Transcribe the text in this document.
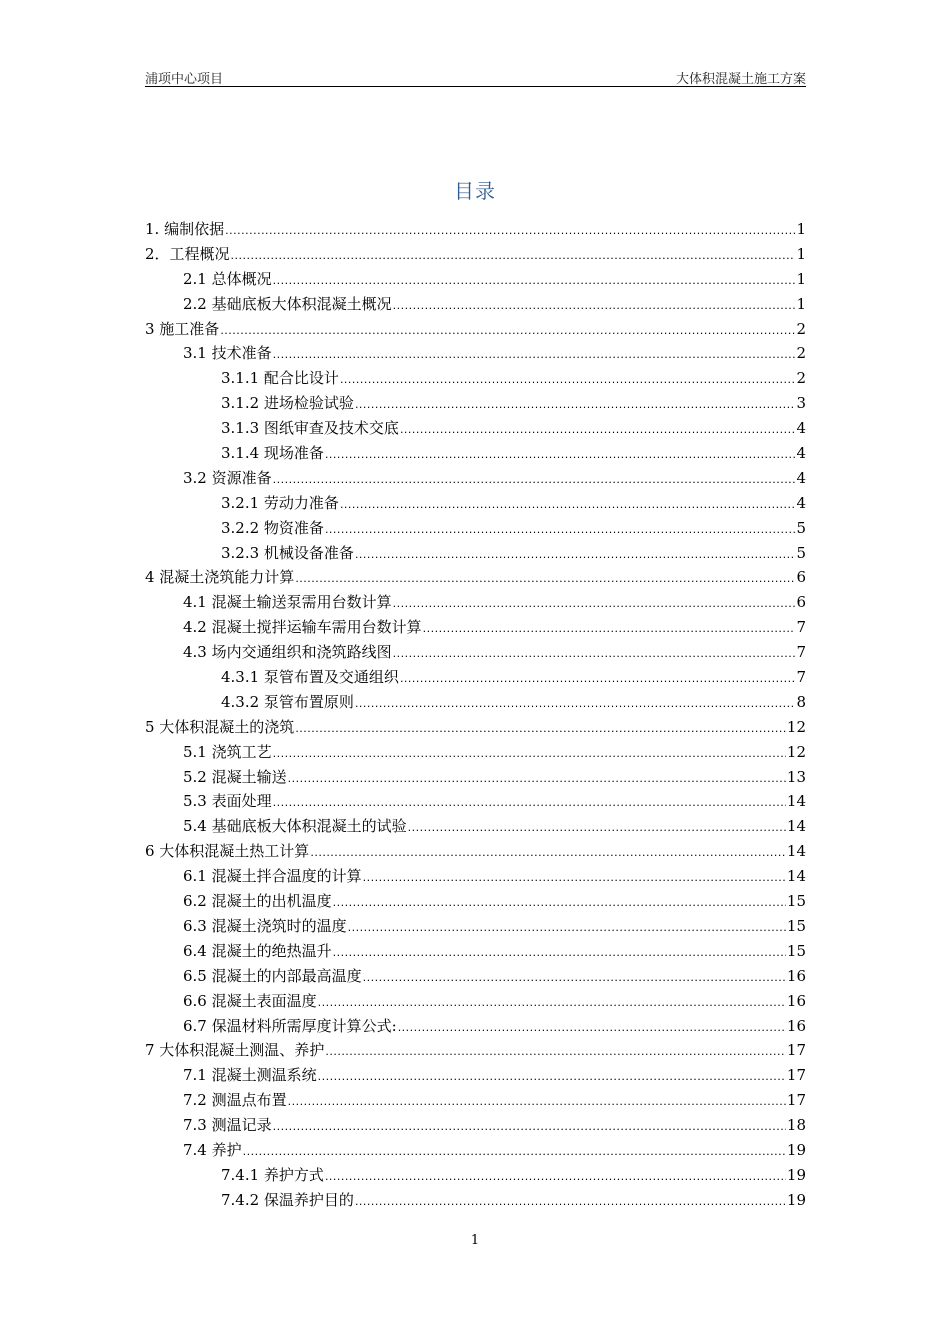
浦项中心项目	大体积混凝土施工方案
目录
1. 编制依据 .....	1
2．工程概况 .....	1
2.1 总体概况 .....	1
2.2 基础底板大体积混凝土概况 .....	1
3 施工准备 .....	2
3.1 技术准备 .....	2
3.1.1 配合比设计 .....	2
3.1.2 进场检验试验 .....	3
3.1.3 图纸审查及技术交底 .....	4
3.1.4 现场准备 .....	4
3.2 资源准备 .....	4
3.2.1 劳动力准备 .....	4
3.2.2 物资准备 .....	5
3.2.3 机械设备准备 .....	5
4 混凝土浇筑能力计算 .....	6
4.1 混凝土输送泵需用台数计算 .....	6
4.2 混凝土搅拌运输车需用台数计算 .....	7
4.3 场内交通组织和浇筑路线图 .....	7
4.3.1 泵管布置及交通组织 .....	7
4.3.2 泵管布置原则 .....	8
5 大体积混凝土的浇筑 .....	12
5.1 浇筑工艺 .....	12
5.2 混凝土输送 .....	13
5.3 表面处理 .....	14
5.4 基础底板大体积混凝土的试验 .....	14
6 大体积混凝土热工计算 .....	14
6.1 混凝土拌合温度的计算 .....	14
6.2 混凝土的出机温度 .....	15
6.3 混凝土浇筑时的温度 .....	15
6.4 混凝土的绝热温升 .....	15
6.5 混凝土的内部最高温度 .....	16
6.6 混凝土表面温度 .....	16
6.7 保温材料所需厚度计算公式: .....	16
7 大体积混凝土测温、养护 .....	17
7.1 混凝土测温系统 .....	17
7.2 测温点布置 .....	17
7.3 测温记录 .....	18
7.4 养护 .....	19
7.4.1 养护方式 .....	19
7.4.2 保温养护目的 .....	19
1
